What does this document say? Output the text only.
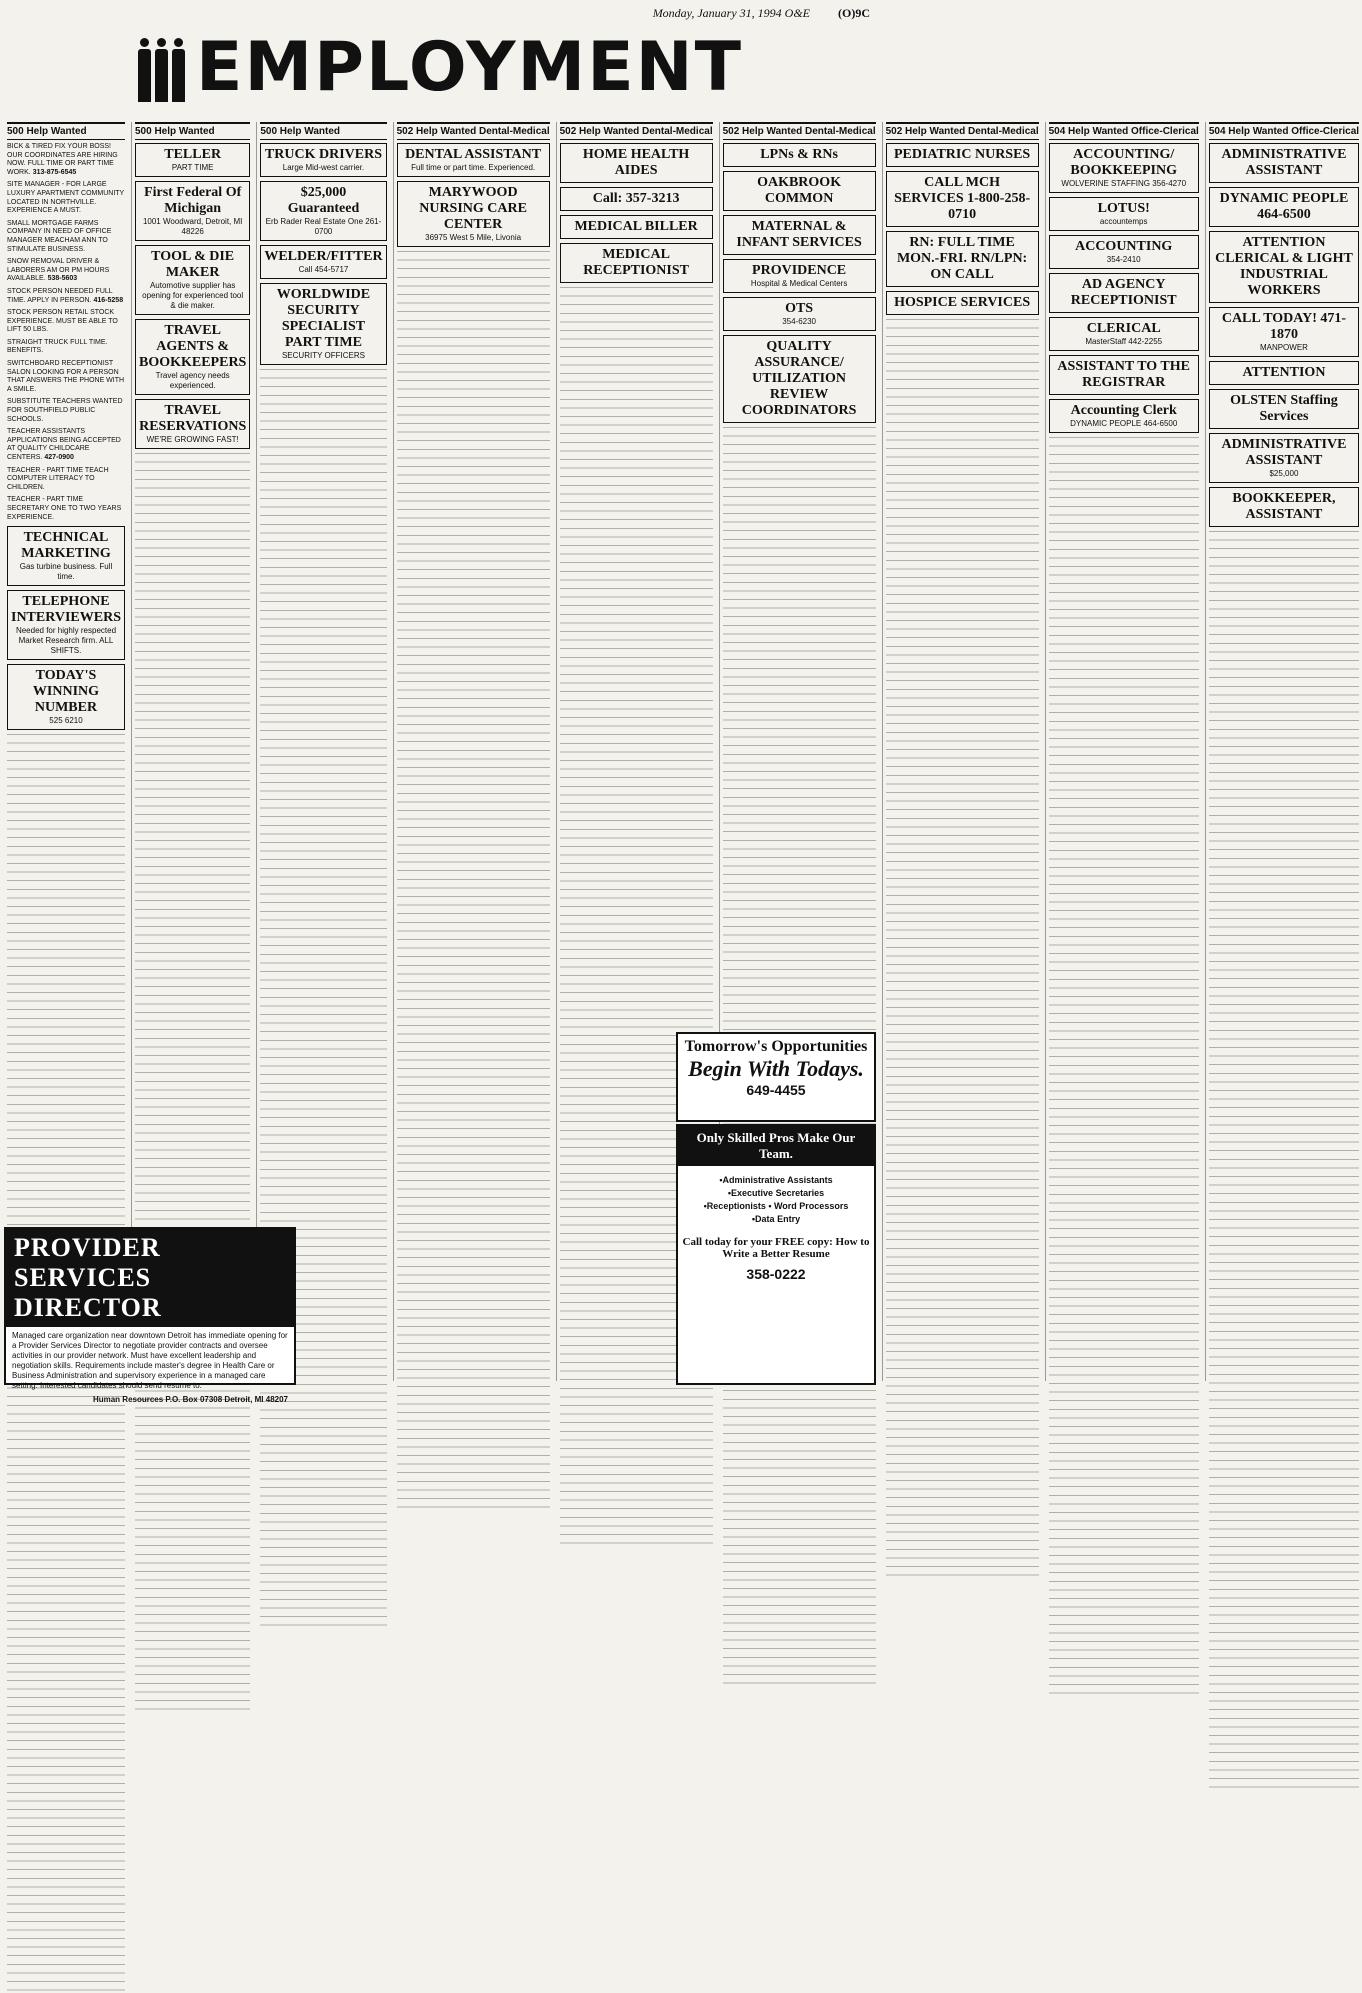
Monday, January 31, 1994 O&E (O)9C
EMPLOYMENT
500 Help Wanted
BICK & TIRED FIX YOUR BOSS! OUR COORDINATES ARE HIRING NOW. FULL TIME OR PART TIME WORK. 313-875-6545
SITE MANAGER - FOR LARGE LUXURY APARTMENT COMMUNITY LOCATED IN NORTHVILLE. EXPERIENCE A MUST.
SMALL MORTGAGE FARMS COMPANY IN NEED OF OFFICE MANAGER MEACHAM ANN TO STIMULATE BUSINESS.
SNOW REMOVAL DRIVER & LABORERS AM OR PM HOURS AVAILABLE. 538-5603
STOCK PERSON NEEDED FULL TIME. APPLY IN PERSON. 416-5258
STOCK PERSON RETAIL STOCK EXPERIENCE. MUST BE ABLE TO LIFT 50 LBS.
STRAIGHT TRUCK FULL TIME. BENEFITS.
SWITCHBOARD RECEPTIONIST SALON LOOKING FOR A PERSON THAT ANSWERS THE PHONE WITH A SMILE.
SUBSTITUTE TEACHERS WANTED FOR SOUTHFIELD PUBLIC SCHOOLS.
TEACHER ASSISTANTS APPLICATIONS BEING ACCEPTED AT QUALITY CHILDCARE CENTERS. 427-0900
TEACHER - PART TIME TEACH COMPUTER LITERACY TO CHILDREN.
TEACHER - PART TIME SECRETARY ONE TO TWO YEARS EXPERIENCE.
TECHNICAL MARKETING
Gas turbine business. Full time.
TELEPHONE INTERVIEWERS
Needed for highly respected Market Research firm. ALL SHIFTS.
TODAY'S WINNING NUMBER
525 6210
500 Help Wanted
TELLER
PART TIME
First Federal Of Michigan
1001 Woodward, Detroit, MI 48226
TOOL & DIE MAKER
Automotive supplier has opening for experienced tool & die maker.
TRAVEL AGENTS & BOOKKEEPERS
Travel agency needs experienced.
TRAVEL RESERVATIONS
WE'RE GROWING FAST!
500 Help Wanted
TRUCK DRIVERS
Large Mid-west carrier.
$25,000 Guaranteed
Erb Rader Real Estate One 261-0700
WELDER/FITTER
Call 454-5717
WORLDWIDE SECURITY SPECIALIST PART TIME
SECURITY OFFICERS
502 Help Wanted Dental-Medical
DENTAL ASSISTANT
Full time or part time. Experienced.
MARYWOOD NURSING CARE CENTER
36975 West 5 Mile, Livonia
502 Help Wanted Dental-Medical
HOME HEALTH AIDES
Call: 357-3213
MEDICAL BILLER
MEDICAL RECEPTIONIST
502 Help Wanted Dental-Medical
LPNs & RNs
OAKBROOK COMMON
MATERNAL & INFANT SERVICES
PROVIDENCE
Hospital & Medical Centers
OTS
354-6230
QUALITY ASSURANCE/ UTILIZATION REVIEW COORDINATORS
502 Help Wanted Dental-Medical
PEDIATRIC NURSES
CALL MCH SERVICES 1-800-258-0710
RN: FULL TIME MON.-FRI. RN/LPN: ON CALL
HOSPICE SERVICES
504 Help Wanted Office-Clerical
ACCOUNTING/ BOOKKEEPING
WOLVERINE STAFFING 356-4270
LOTUS!
accountemps
ACCOUNTING
354-2410
AD AGENCY RECEPTIONIST
CLERICAL
MasterStaff 442-2255
ASSISTANT TO THE REGISTRAR
Accounting Clerk
DYNAMIC PEOPLE 464-6500
504 Help Wanted Office-Clerical
ADMINISTRATIVE ASSISTANT
DYNAMIC PEOPLE 464-6500
ATTENTION CLERICAL & LIGHT INDUSTRIAL WORKERS
CALL TODAY! 471-1870
MANPOWER
ATTENTION
OLSTEN Staffing Services
ADMINISTRATIVE ASSISTANT
$25,000
BOOKKEEPER, ASSISTANT
PROVIDER SERVICES DIRECTOR

Managed care organization near downtown Detroit has immediate opening for a Provider Services Director to negotiate provider contracts and oversee activities in our provider network. Must have excellent leadership and negotiation skills. Requirements include master's degree in Health Care or Business Administration and supervisory experience in a managed care setting. Interested candidates should send resume to:

Human Resources P.O. Box 07308 Detroit, MI 48207

Tomorrow's Opportunities
Begin With Todays.
649-4455
Only Skilled Pros Make Our Team.
•Administrative Assistants
•Executive Secretaries
•Receptionists • Word Processors
•Data Entry
Call today for your FREE copy: How to Write a Better Resume
358-0222
